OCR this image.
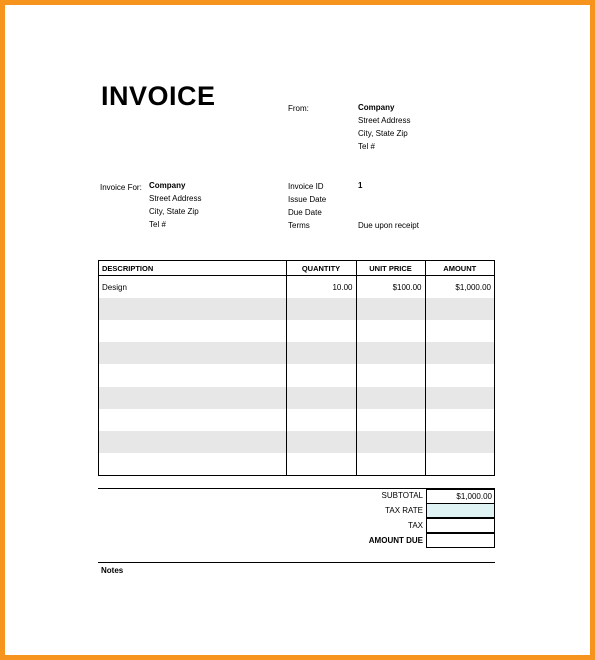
INVOICE	From:	Company
Street Address
City, State Zip
Tel #
Invoice For: Company
Street Address
City, State Zip
Tel #
Invoice ID	1
Issue Date
Due Date
Terms	Due upon receipt
DESCRIPTION	QUANTITY	UNIT PRICE	AMOUNT
Design	10.00	$100.00	$1,000.00

SUBTOTAL	$1,000.00
TAX RATE
TAX
AMOUNT DUE
Notes
